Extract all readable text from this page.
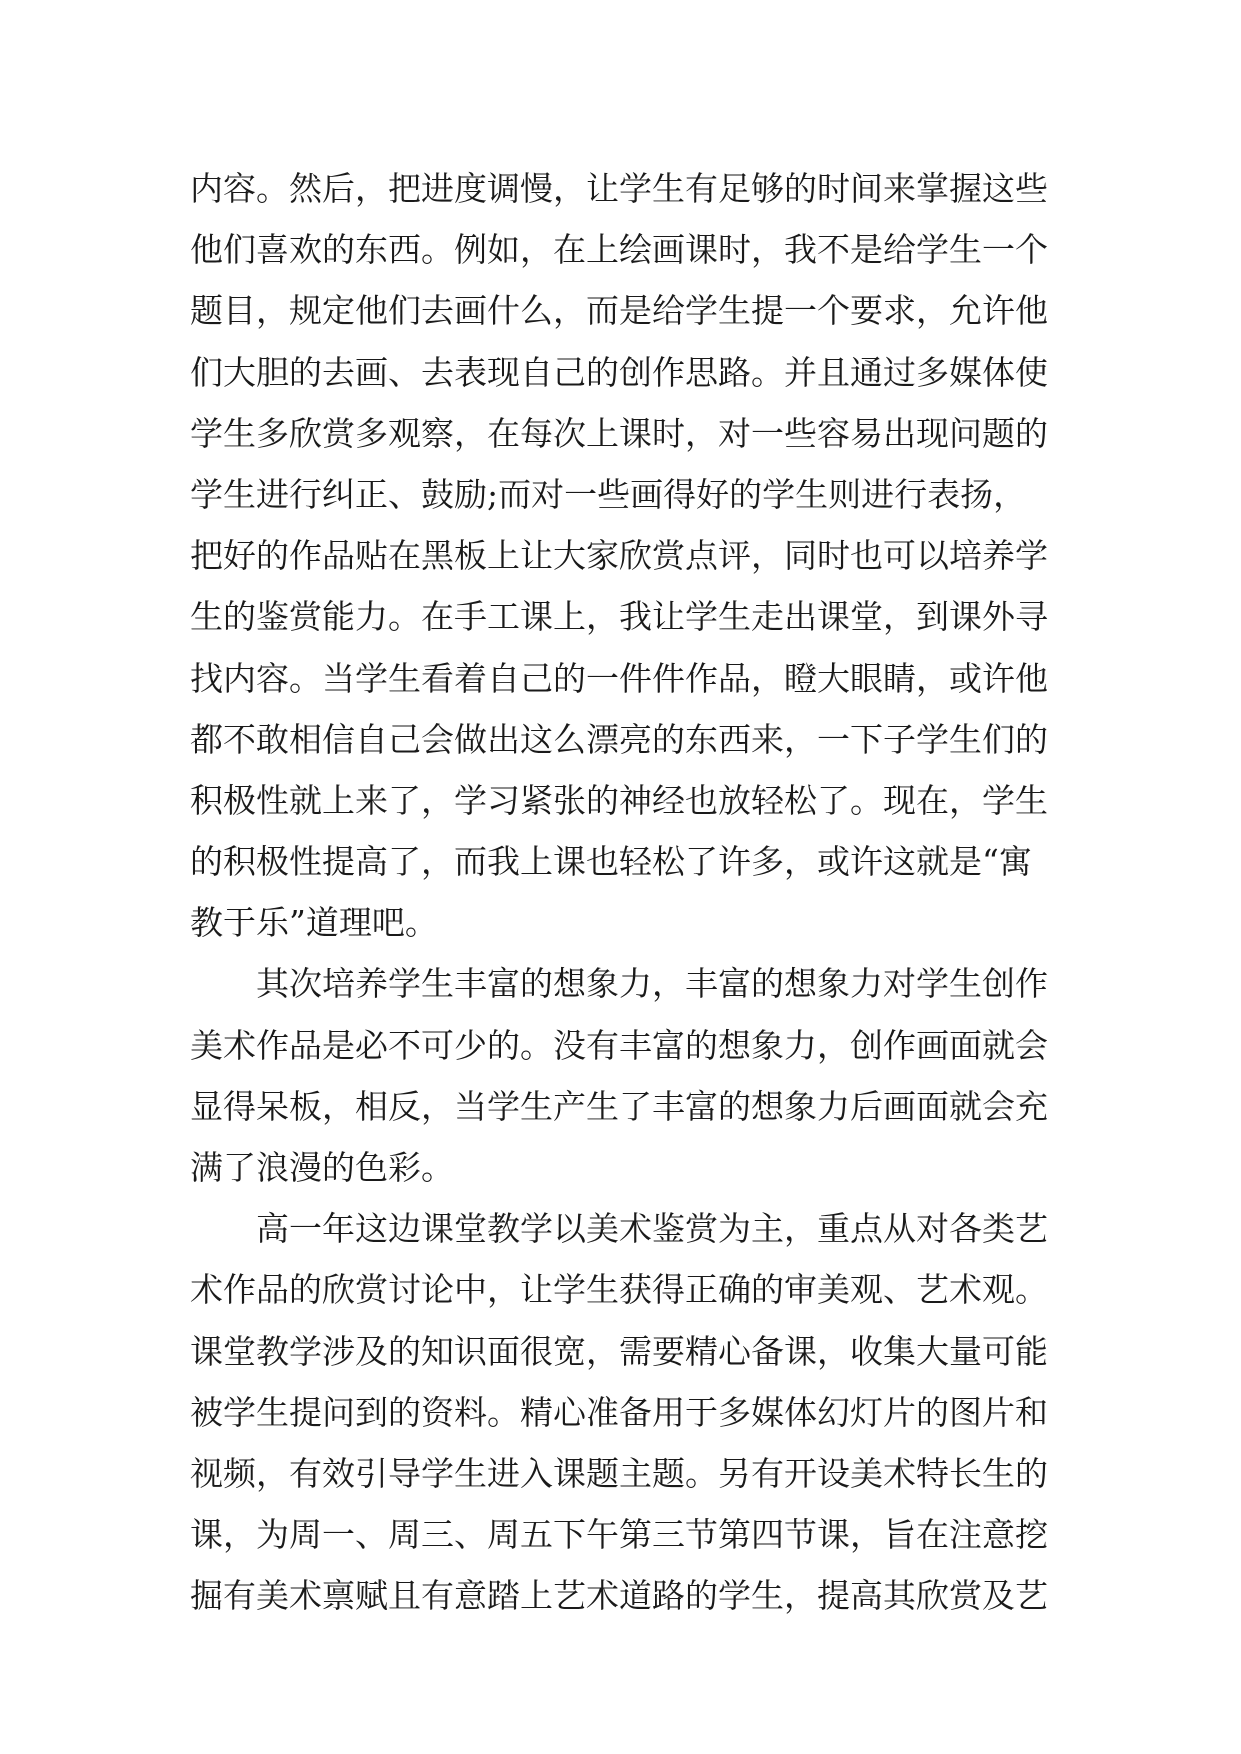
内容。然后，把进度调慢，让学生有足够的时间来掌握这些
他们喜欢的东西。例如，在上绘画课时，我不是给学生一个
题目，规定他们去画什么，而是给学生提一个要求，允许他
们大胆的去画、去表现自己的创作思路。并且通过多媒体使
学生多欣赏多观察，在每次上课时，对一些容易出现问题的
学生进行纠正、鼓励;而对一些画得好的学生则进行表扬，
把好的作品贴在黑板上让大家欣赏点评，同时也可以培养学
生的鉴赏能力。在手工课上，我让学生走出课堂，到课外寻
找内容。当学生看着自己的一件件作品，瞪大眼睛，或许他
都不敢相信自己会做出这么漂亮的东西来，一下子学生们的
积极性就上来了，学习紧张的神经也放轻松了。现在，学生
的积极性提高了，而我上课也轻松了许多，或许这就是“寓
教于乐”道理吧。
　　其次培养学生丰富的想象力，丰富的想象力对学生创作
美术作品是必不可少的。没有丰富的想象力，创作画面就会
显得呆板，相反，当学生产生了丰富的想象力后画面就会充
满了浪漫的色彩。
　　高一年这边课堂教学以美术鉴赏为主，重点从对各类艺
术作品的欣赏讨论中，让学生获得正确的审美观、艺术观。
课堂教学涉及的知识面很宽，需要精心备课，收集大量可能
被学生提问到的资料。精心准备用于多媒体幻灯片的图片和
视频，有效引导学生进入课题主题。另有开设美术特长生的
课，为周一、周三、周五下午第三节第四节课，旨在注意挖
掘有美术禀赋且有意踏上艺术道路的学生，提高其欣赏及艺
